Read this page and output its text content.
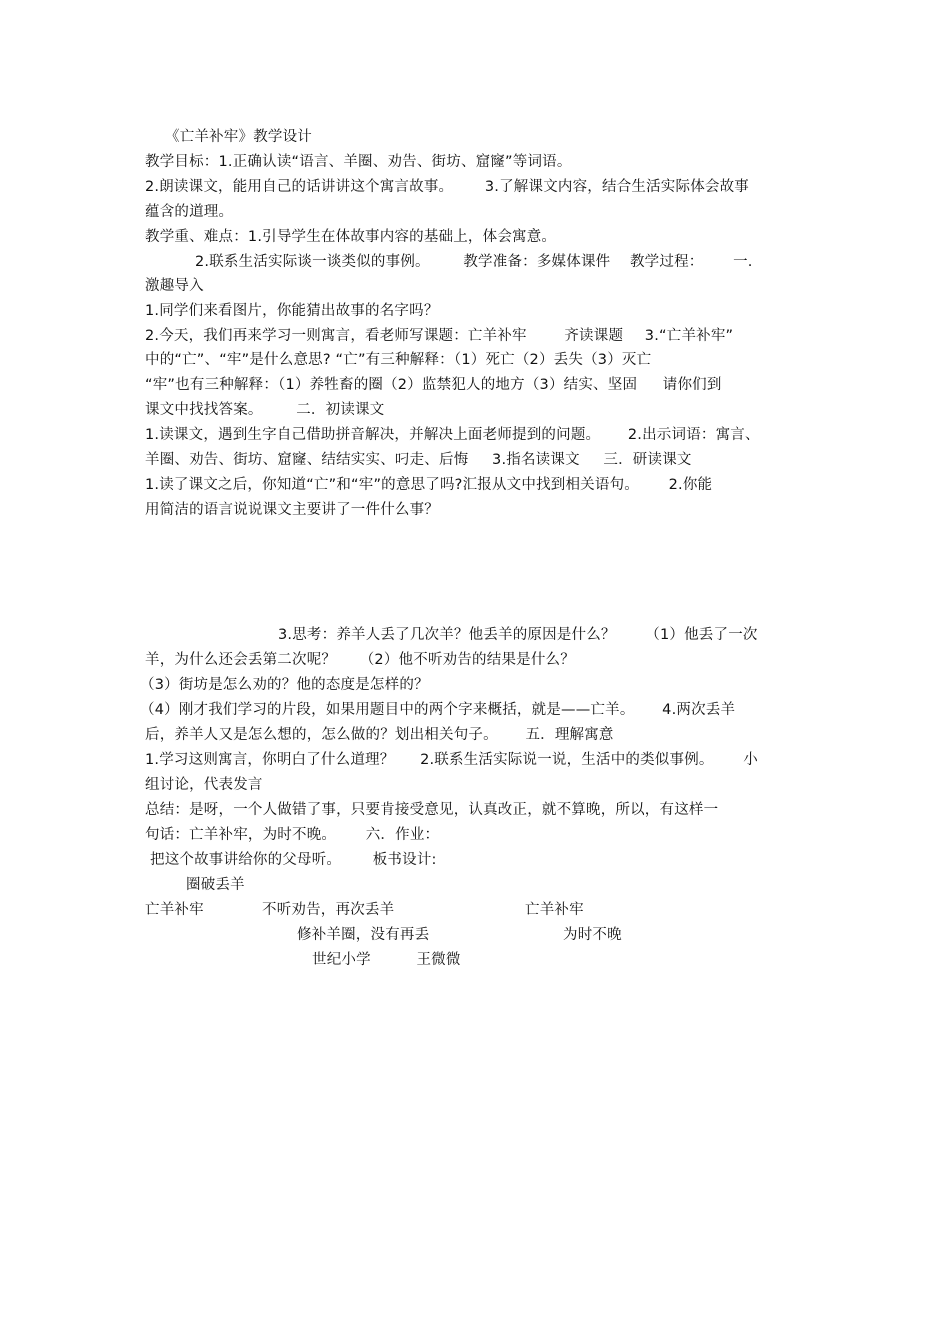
《亡羊补牢》教学设计
教学目标：1.正确认读“语言、羊圈、劝告、街坊、窟窿”等词语。
2.朗读课文，能用自己的话讲讲这个寓言故事。 3.了解课文内容，结合生活实际体会故事
蕴含的道理。
教学重、难点：1.引导学生在体故事内容的基础上，体会寓意。
2.联系生活实际谈一谈类似的事例。 教学准备：多媒体课件 教学过程： 一.
激趣导入
1.同学们来看图片，你能猜出故事的名字吗？
2.今天，我们再来学习一则寓言，看老师写课题：亡羊补牢	齐读课题 3.“亡羊补牢”
中的“亡”、“牢”是什么意思? “亡”有三种解释：（1）死亡（2）丢失（3）灭亡
“牢”也有三种解释：（1）养牲畜的圈（2）监禁犯人的地方（3）结实、坚固 请你们到
课文中找找答案。 二．初读课文
1.读课文，遇到生字自己借助拼音解决，并解决上面老师提到的问题。 2.出示词语：寓言、
羊圈、劝告、街坊、窟窿、结结实实、叼走、后悔 3.指名读课文 三．研读课文
1.读了课文之后，你知道“亡”和“牢”的意思了吗?汇报从文中找到相关语句。 2.你能
用简洁的语言说说课文主要讲了一件什么事？
3.思考：养羊人丢了几次羊？他丢羊的原因是什么？ （1）他丢了一次
羊，为什么还会丢第二次呢？ （2）他不听劝告的结果是什么？
（3）街坊是怎么劝的？他的态度是怎样的？
（4）刚才我们学习的片段，如果用题目中的两个字来概括，就是——亡羊。 4.两次丢羊
后，养羊人又是怎么想的，怎么做的？划出相关句子。 五．理解寓意
1.学习这则寓言，你明白了什么道理？ 2.联系生活实际说一说，生活中的类似事例。 小
组讨论，代表发言
总结：是呀，一个人做错了事，只要肯接受意见，认真改正，就不算晚，所以，有这样一
句话：亡羊补牢，为时不晚。 六．作业：
把这个故事讲给你的父母听。 板书设计:
圈破丢羊
亡羊补牢	不听劝告，再次丢羊	亡羊补牢
修补羊圈，没有再丢	为时不晚
世纪小学	王微微
